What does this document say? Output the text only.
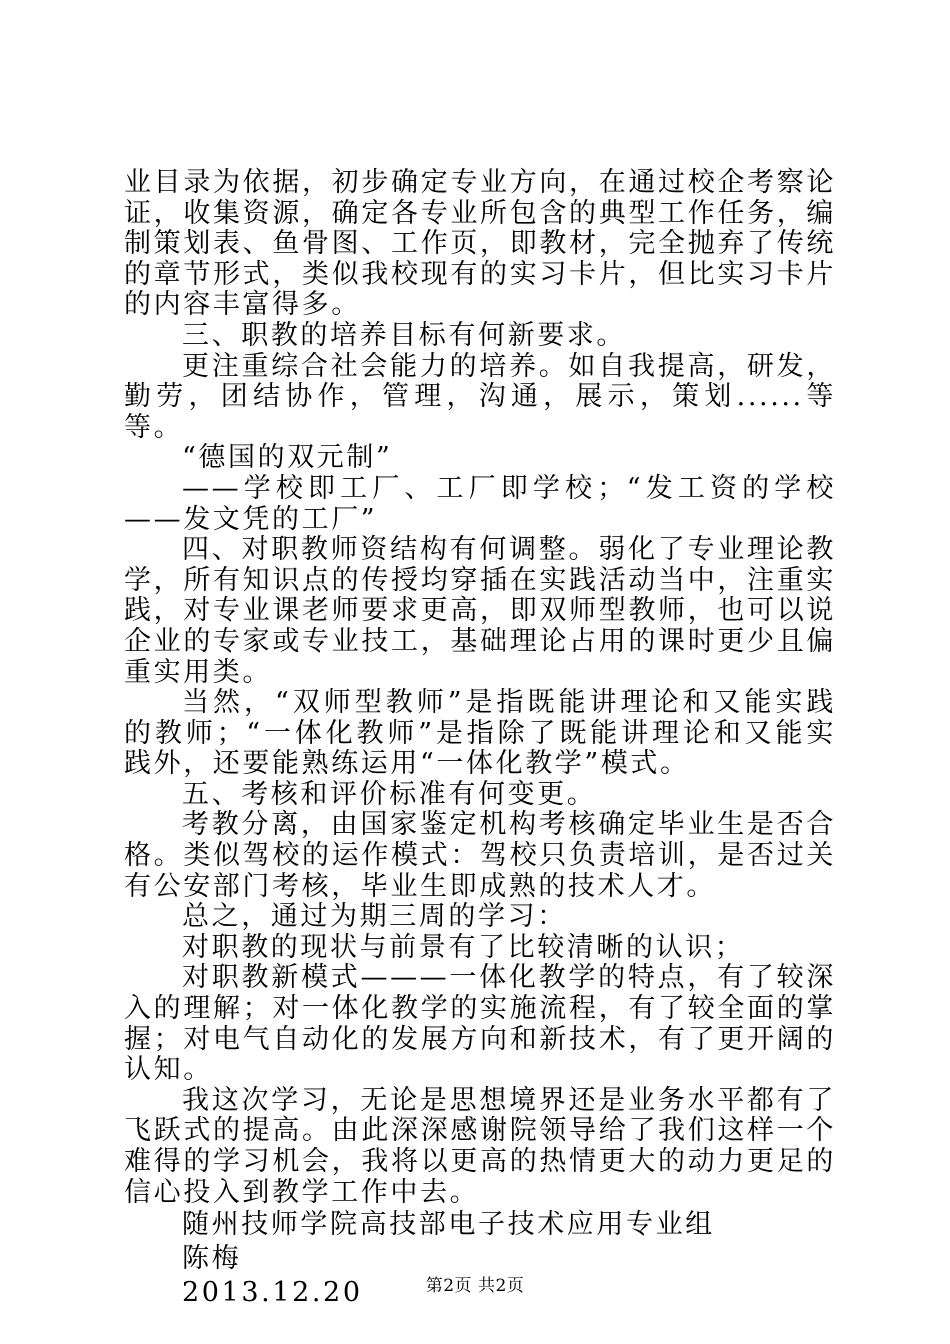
业目录为依据，初步确定专业方向，在通过校企考察论证，收集资源，确定各专业所包含的典型工作任务，编制策划表、鱼骨图、工作页，即教材，完全抛弃了传统的章节形式，类似我校现有的实习卡片，但比实习卡片的内容丰富得多。

三、职教的培养目标有何新要求。

更注重综合社会能力的培养。如自我提高，研发，勤劳，团结协作，管理，沟通，展示，策划......等等。

“德国的双元制”

——学校即工厂、工厂即学校；“发工资的学校——发文凭的工厂”

四、对职教师资结构有何调整。弱化了专业理论教学，所有知识点的传授均穿插在实践活动当中，注重实践，对专业课老师要求更高，即双师型教师，也可以说企业的专家或专业技工，基础理论占用的课时更少且偏重实用类。

当然，“双师型教师”是指既能讲理论和又能实践的教师；“一体化教师”是指除了既能讲理论和又能实践外，还要能熟练运用“一体化教学”模式。

五、考核和评价标准有何变更。

考教分离，由国家鉴定机构考核确定毕业生是否合格。类似驾校的运作模式：驾校只负责培训，是否过关有公安部门考核，毕业生即成熟的技术人才。

总之，通过为期三周的学习：

对职教的现状与前景有了比较清晰的认识；

对职教新模式———一体化教学的特点，有了较深入的理解；对一体化教学的实施流程，有了较全面的掌握；对电气自动化的发展方向和新技术，有了更开阔的认知。

我这次学习，无论是思想境界还是业务水平都有了飞跃式的提高。由此深深感谢院领导给了我们这样一个难得的学习机会，我将以更高的热情更大的动力更足的信心投入到教学工作中去。

随州技师学院高技部电子技术应用专业组

陈梅

2013.12.20	第2页 共2页
